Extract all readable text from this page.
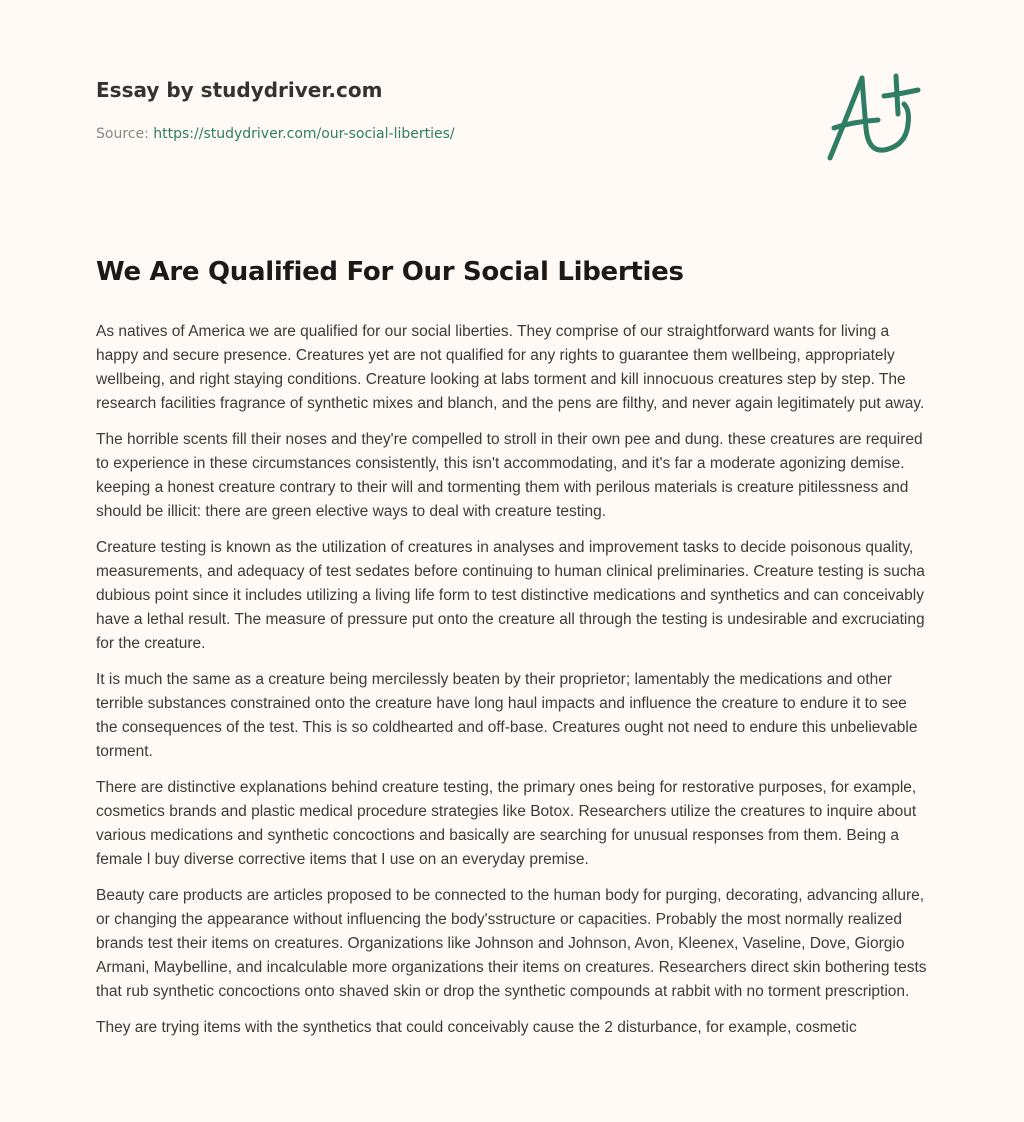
Essay by studydriver.com
Source: https://studydriver.com/our-social-liberties/
We Are Qualified For Our Social Liberties

As natives of America we are qualified for our social liberties. They comprise of our straightforward wants for living a happy and secure presence. Creatures yet are not qualified for any rights to guarantee them wellbeing, appropriately wellbeing, and right staying conditions. Creature looking at labs torment and kill innocuous creatures step by step. The research facilities fragrance of synthetic mixes and blanch, and the pens are filthy, and never again legitimately put away.

The horrible scents fill their noses and they're compelled to stroll in their own pee and dung. these creatures are required to experience in these circumstances consistently, this isn't accommodating, and it's far a moderate agonizing demise. keeping a honest creature contrary to their will and tormenting them with perilous materials is creature pitilessness and should be illicit: there are green elective ways to deal with creature testing.

Creature testing is known as the utilization of creatures in analyses and improvement tasks to decide poisonous quality, measurements, and adequacy of test sedates before continuing to human clinical preliminaries. Creature testing is sucha dubious point since it includes utilizing a living life form to test distinctive medications and synthetics and can conceivably have a lethal result. The measure of pressure put onto the creature all through the testing is undesirable and excruciating for the creature.

It is much the same as a creature being mercilessly beaten by their proprietor; lamentably the medications and other terrible substances constrained onto the creature have long haul impacts and influence the creature to endure it to see the consequences of the test. This is so coldhearted and off-base. Creatures ought not need to endure this unbelievable torment.

There are distinctive explanations behind creature testing, the primary ones being for restorative purposes, for example, cosmetics brands and plastic medical procedure strategies like Botox. Researchers utilize the creatures to inquire about various medications and synthetic concoctions and basically are searching for unusual responses from them. Being a female l buy diverse corrective items that I use on an everyday premise.

Beauty care products are articles proposed to be connected to the human body for purging, decorating, advancing allure, or changing the appearance without influencing the body'sstructure or capacities. Probably the most normally realized brands test their items on creatures. Organizations like Johnson and Johnson, Avon, Kleenex, Vaseline, Dove, Giorgio Armani, Maybelline, and incalculable more organizations their items on creatures. Researchers direct skin bothering tests that rub synthetic concoctions onto shaved skin or drop the synthetic compounds at rabbit with no torment prescription.

They are trying items with the synthetics that could conceivably cause the 2 disturbance, for example, cosmetic
